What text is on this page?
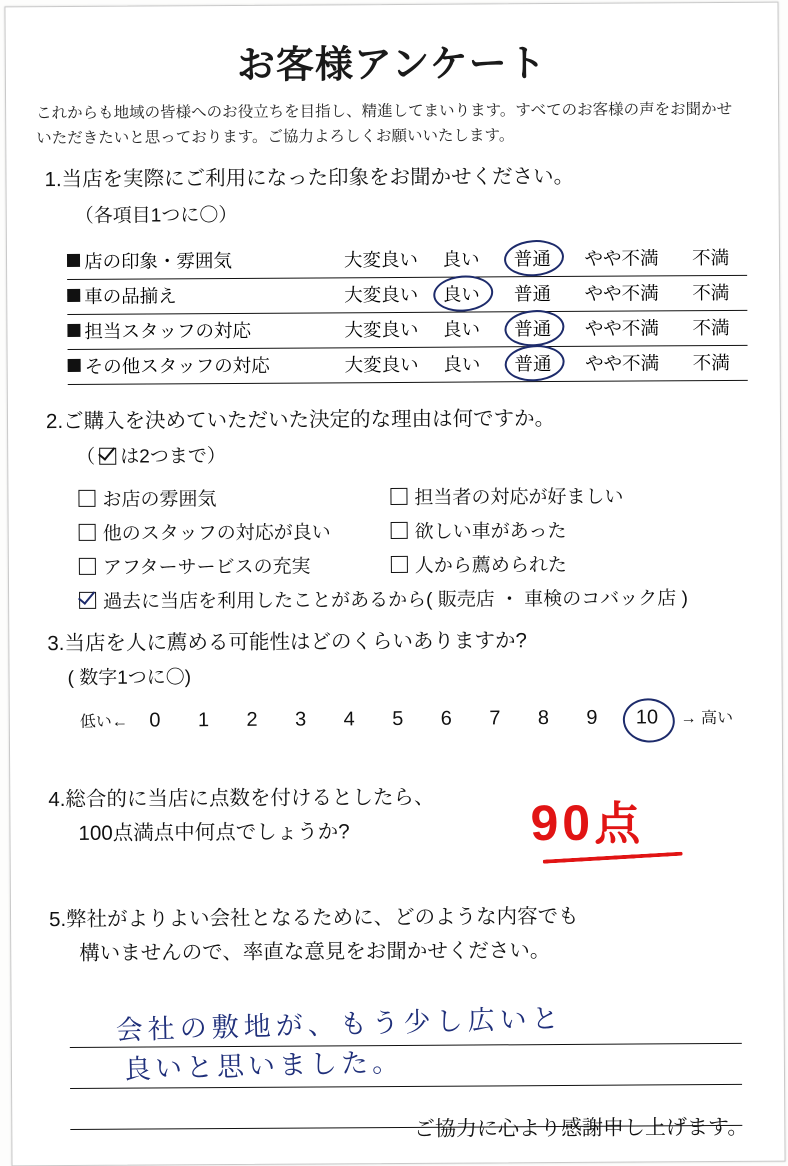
お客様アンケート
これからも地域の皆様へのお役立ちを目指し、精進してまいります。すべてのお客様の声をお聞かせいただきたいと思っております。ご協力よろしくお願いいたします。
1.当店を実際にご利用になった印象をお聞かせください。
（各項目1つに〇）
店の印象・雰囲気	大変良い 良い 普通 やや不満 不満
車の品揃え	大変良い 良い 普通 やや不満 不満
担当スタッフの対応	大変良い 良い 普通 やや不満 不満
その他スタッフの対応	大変良い 良い 普通 やや不満 不満
2.ご購入を決めていただいた決定的な理由は何ですか。
（ は2つまで）
お店の雰囲気	担当者の対応が好ましい
他のスタッフの対応が良い	欲しい車があった
アフターサービスの充実	人から薦められた
過去に当店を利用したことがあるから( 販売店 ・ 車検のコバック店 )
3.当店を人に薦める可能性はどのくらいありますか?
( 数字1つに〇)
低い← 0 1 2 3 4 5 6 7 8 9 10 → 高い
4.総合的に当店に点数を付けるとしたら、
100点満点中何点でしょうか?	90点
5.弊社がよりよい会社となるために、どのような内容でも
構いませんので、率直な意見をお聞かせください。
会社の敷地が、もう少し広いと
良いと思いました。
ご協力に心より感謝申し上げます。
